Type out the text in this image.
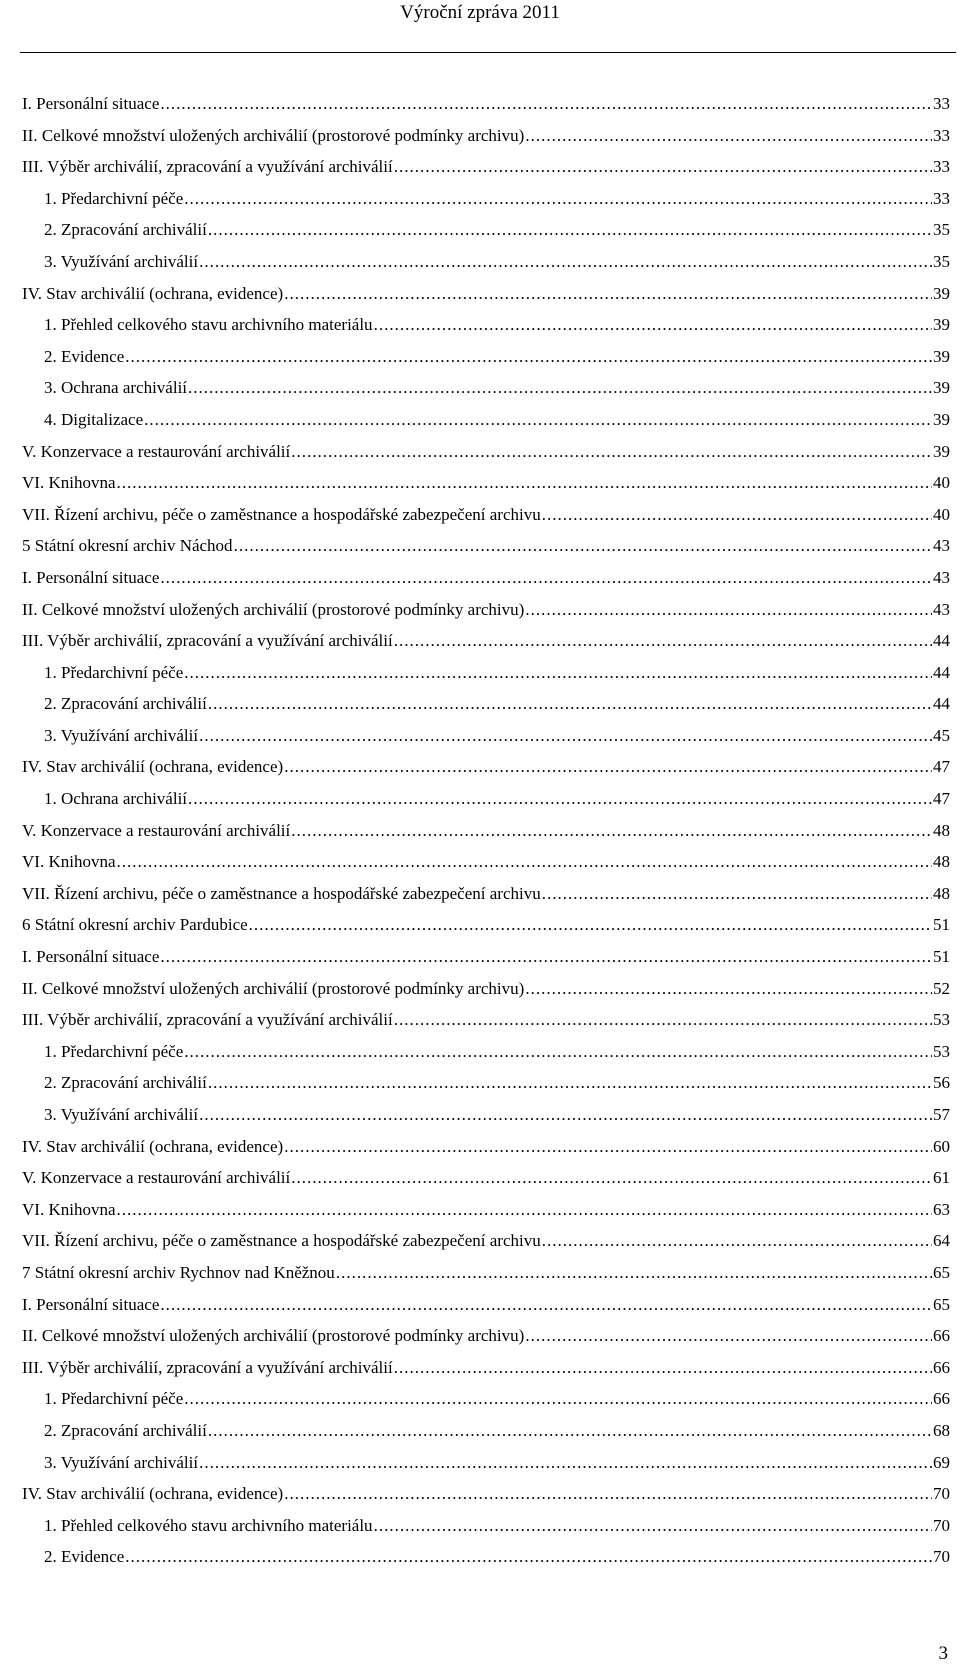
Výroční zpráva 2011
I. Personální situace .....	33
II. Celkové množství uložených archiválií (prostorové podmínky archivu) .....	33
III. Výběr archiválií, zpracování a využívání archiválií .....	33
1. Předarchivní péče .....	33
2. Zpracování archiválií .....	35
3. Využívání archiválií .....	35
IV. Stav archiválií (ochrana, evidence) .....	39
1. Přehled celkového stavu archivního materiálu .....	39
2. Evidence .....	39
3. Ochrana archiválií .....	39
4. Digitalizace .....	39
V. Konzervace a restaurování archiválií .....	39
VI. Knihovna .....	40
VII. Řízení archivu, péče o zaměstnance a hospodářské zabezpečení archivu .....	40
5 Státní okresní archiv Náchod .....	43
I. Personální situace .....	43
II. Celkové množství uložených archiválií (prostorové podmínky archivu) .....	43
III. Výběr archiválií, zpracování a využívání archiválií .....	44
1. Předarchivní péče .....	44
2. Zpracování archiválií .....	44
3. Využívání archiválií .....	45
IV. Stav archiválií (ochrana, evidence) .....	47
1. Ochrana archiválií .....	47
V. Konzervace a restaurování archiválií .....	48
VI. Knihovna .....	48
VII. Řízení archivu, péče o zaměstnance a hospodářské zabezpečení archivu .....	48
6 Státní okresní archiv Pardubice .....	51
I. Personální situace .....	51
II. Celkové množství uložených archiválií (prostorové podmínky archivu) .....	52
III. Výběr archiválií, zpracování a využívání archiválií .....	53
1. Předarchivní péče .....	53
2. Zpracování archiválií .....	56
3. Využívání archiválií .....	57
IV. Stav archiválií (ochrana, evidence) .....	60
V. Konzervace a restaurování archiválií .....	61
VI. Knihovna .....	63
VII. Řízení archivu, péče o zaměstnance a hospodářské zabezpečení archivu .....	64
7 Státní okresní archiv Rychnov nad Kněžnou .....	65
I. Personální situace .....	65
II. Celkové množství uložených archiválií (prostorové podmínky archivu) .....	66
III. Výběr archiválií, zpracování a využívání archiválií .....	66
1. Předarchivní péče .....	66
2. Zpracování archiválií .....	68
3. Využívání archiválií .....	69
IV. Stav archiválií (ochrana, evidence) .....	70
1. Přehled celkového stavu archivního materiálu .....	70
2. Evidence .....	70
3
